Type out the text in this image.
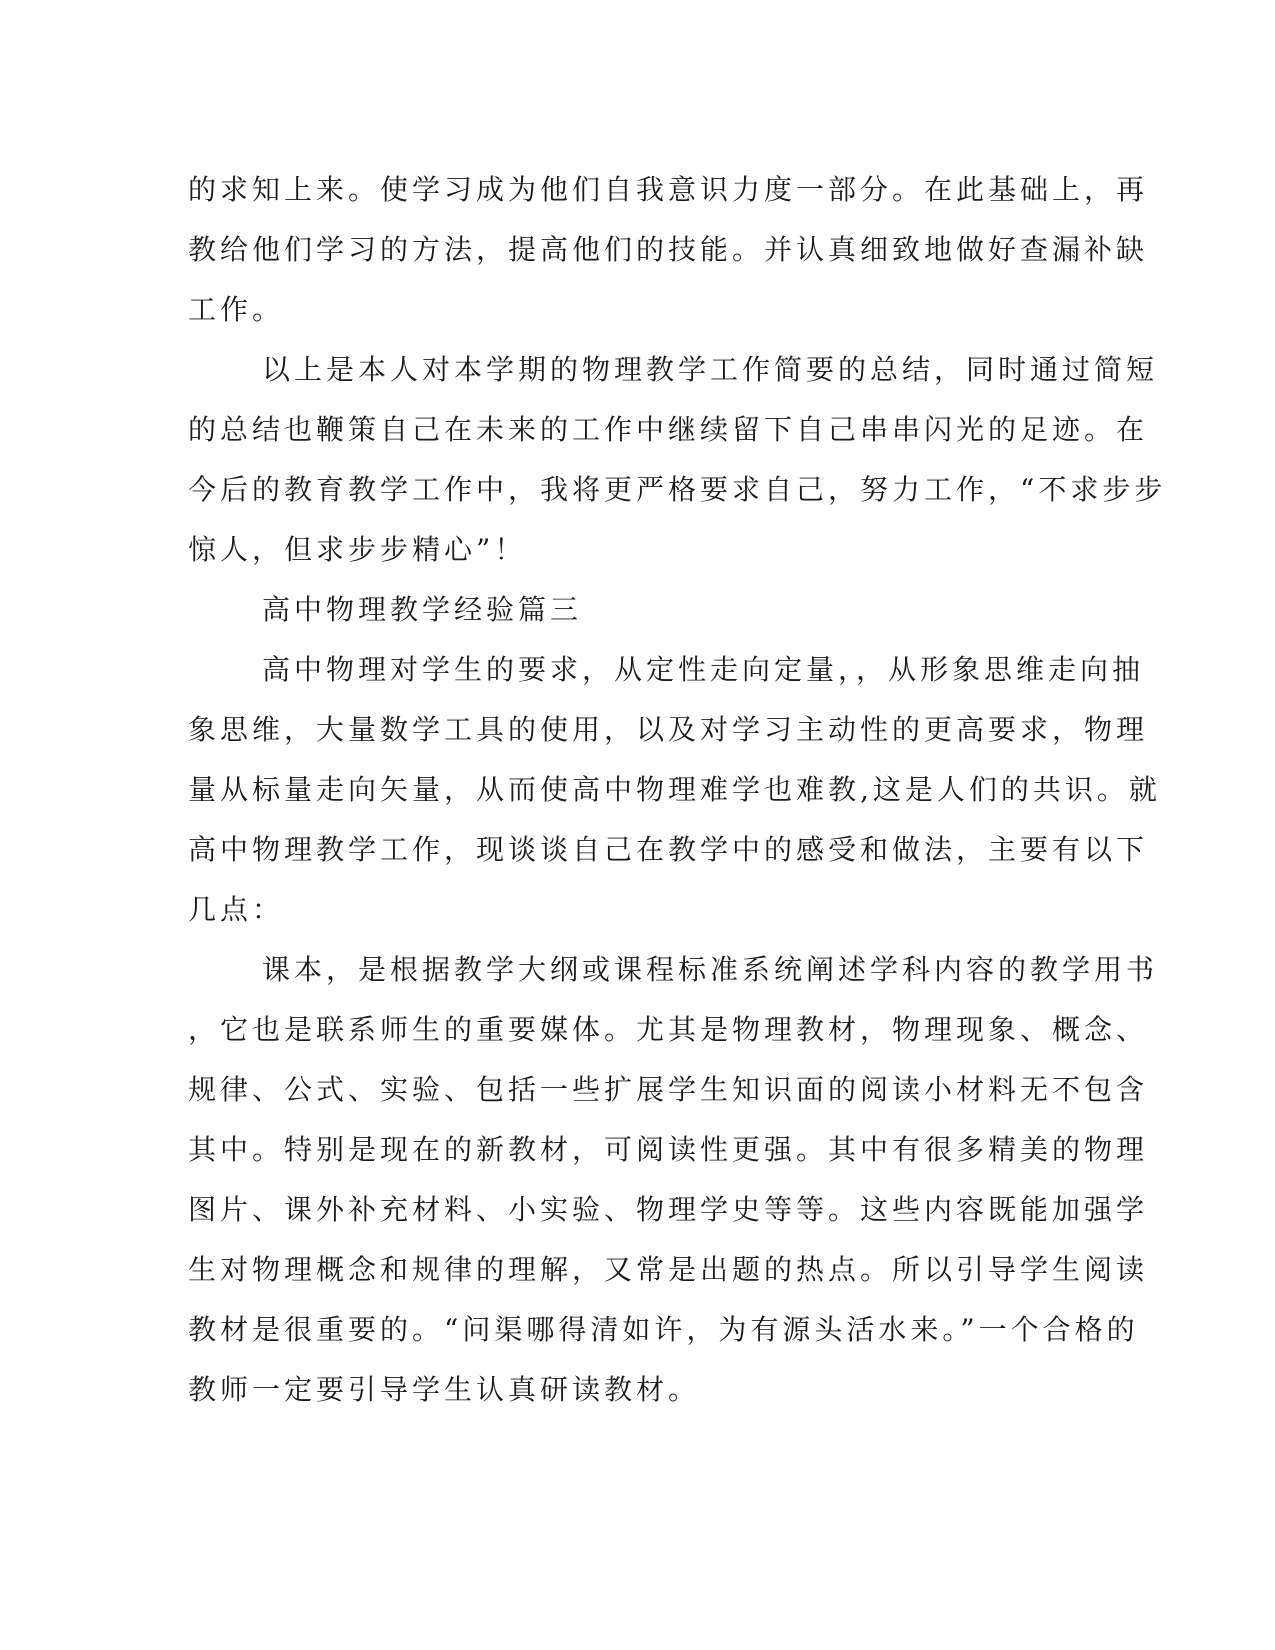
的求知上来。使学习成为他们自我意识力度一部分。在此基础上，再
教给他们学习的方法，提高他们的技能。并认真细致地做好查漏补缺
工作。

以上是本人对本学期的物理教学工作简要的总结，同时通过简短
的总结也鞭策自己在未来的工作中继续留下自己串串闪光的足迹。在
今后的教育教学工作中，我将更严格要求自己，努力工作，“不求步步
惊人，但求步步精心”！

高中物理教学经验篇三

高中物理对学生的要求，从定性走向定量，，从形象思维走向抽
象思维，大量数学工具的使用，以及对学习主动性的更高要求，物理
量从标量走向矢量，从而使高中物理难学也难教,这是人们的共识。就
高中物理教学工作，现谈谈自己在教学中的感受和做法，主要有以下
几点：

课本，是根据教学大纲或课程标准系统阐述学科内容的教学用书
，它也是联系师生的重要媒体。尤其是物理教材，物理现象、概念、
规律、公式、实验、包括一些扩展学生知识面的阅读小材料无不包含
其中。特别是现在的新教材，可阅读性更强。其中有很多精美的物理
图片、课外补充材料、小实验、物理学史等等。这些内容既能加强学
生对物理概念和规律的理解，又常是出题的热点。所以引导学生阅读
教材是很重要的。“问渠哪得清如许，为有源头活水来。”一个合格的
教师一定要引导学生认真研读教材。
